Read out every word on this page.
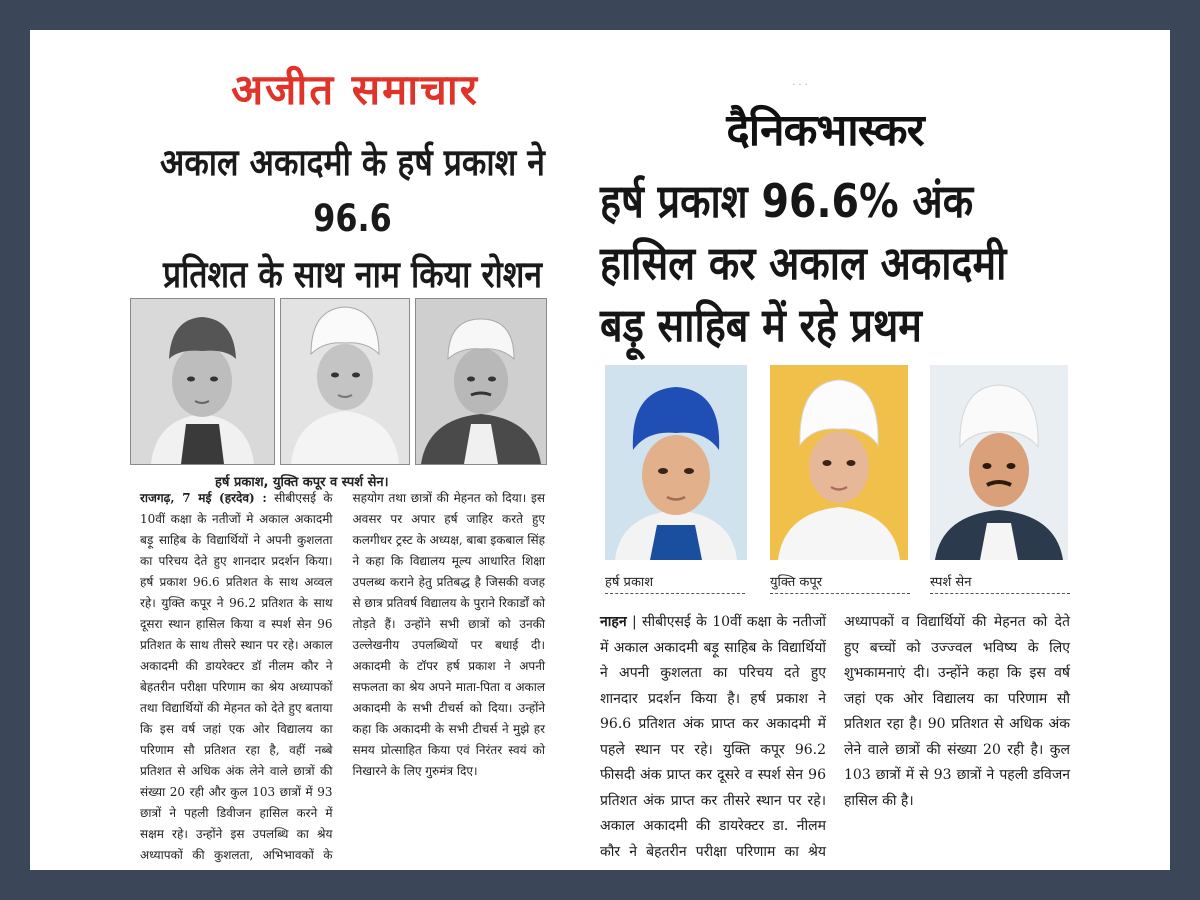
अजीत समाचार
अकाल अकादमी के हर्ष प्रकाश ने 96.6
प्रतिशत के साथ नाम किया रोशन
हर्ष प्रकाश, युक्ति कपूर व स्पर्श सेन।
राजगढ़, 7 मई (हरदेव) : सीबीएसई के 10वीं कक्षा के नतीजों मे अकाल अकादमी बड़ू साहिब के विद्यार्थियों ने अपनी कुशलता का परिचय देते हुए शानदार प्रदर्शन किया। हर्ष प्रकाश 96.6 प्रतिशत के साथ अव्वल रहे। युक्ति कपूर ने 96.2 प्रतिशत के साथ दूसरा स्थान हासिल किया व स्पर्श सेन 96 प्रतिशत के साथ तीसरे स्थान पर रहे। अकाल अकादमी की डायरेक्टर डॉ नीलम कौर ने बेहतरीन परीक्षा परिणाम का श्रेय अध्यापकों तथा विद्यार्थियों की मेहनत को देते हुए बताया कि इस वर्ष जहां एक ओर विद्यालय का परिणाम सौ प्रतिशत रहा है, वहीं नब्बे प्रतिशत से अधिक अंक लेने वाले छात्रों की संख्या 20 रही और कुल 103 छात्रों में 93 छात्रों ने पहली डिवीजन हासिल करने में सक्षम रहे। उन्होंने इस उपलब्धि का श्रेय अध्यापकों की कुशलता, अभिभावकों के सहयोग तथा छात्रों की मेहनत को दिया। इस अवसर पर अपार हर्ष जाहिर करते हुए कलगीधर ट्रस्ट के अध्यक्ष, बाबा इकबाल सिंह ने कहा कि विद्यालय मूल्य आधारित शिक्षा उपलब्ध कराने हेतु प्रतिबद्ध है जिसकी वजह से छात्र प्रतिवर्ष विद्यालय के पुराने रिकार्डों को तोड़ते हैं। उन्होंने सभी छात्रों को उनकी उल्लेखनीय उपलब्धियों पर बधाई दी। अकादमी के टॉपर हर्ष प्रकाश ने अपनी सफलता का श्रेय अपने माता-पिता व अकाल अकादमी के सभी टीचर्स को दिया। उन्होंने कहा कि अकादमी के सभी टीचर्स ने मुझे हर समय प्रोत्साहित किया एवं निरंतर स्वयं को निखारने के लिए गुरुमंत्र दिए।
· · ·
दैनिकभास्कर
हर्ष प्रकाश 96.6% अंक
हासिल कर अकाल अकादमी
बड़ू साहिब में रहे प्रथम
हर्ष प्रकाश	युक्ति कपूर	स्पर्श सेन
नाहन | सीबीएसई के 10वीं कक्षा के नतीजों में अकाल अकादमी बड़ू साहिब के विद्यार्थियों ने अपनी कुशलता का परिचय दते हुए शानदार प्रदर्शन किया है। हर्ष प्रकाश ने 96.6 प्रतिशत अंक प्राप्त कर अकादमी में पहले स्थान पर रहे। युक्ति कपूर 96.2 फीसदी अंक प्राप्त कर दूसरे व स्पर्श सेन 96 प्रतिशत अंक प्राप्त कर तीसरे स्थान पर रहे। अकाल अकादमी की डायरेक्टर डा. नीलम कौर ने बेहतरीन परीक्षा परिणाम का श्रेय अध्यापकों व विद्यार्थियों की मेहनत को देते हुए बच्चों को उज्ज्वल भविष्य के लिए शुभकामनाएं दी। उन्होंने कहा कि इस वर्ष जहां एक ओर विद्यालय का परिणाम सौ प्रतिशत रहा है। 90 प्रतिशत से अधिक अंक लेने वाले छात्रों की संख्या 20 रही है। कुल 103 छात्रों में से 93 छात्रों ने पहली डविजन हासिल की है।
